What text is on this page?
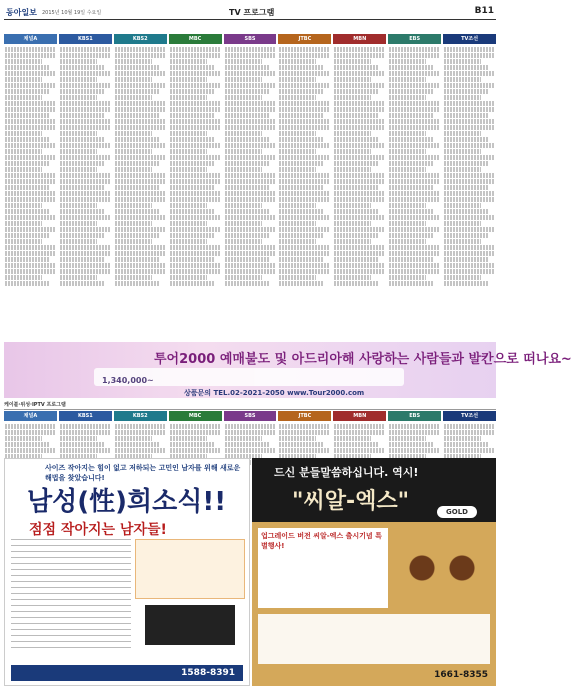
동아일보 2015년 10월 19일 수요일	TV 프로그램	B11
채널A	KBS1	KBS2	MBC	SBS	JTBC	MBN	EBS	TV조선
투어2000 예매불도 및 아드리아해 사랑하는 사람들과 발칸으로 떠나요~
1,340,000~
상품문의 TEL.02-2021-2050 www.Tour2000.com
케이블·위성·IPTV 프로그램
채널A	KBS1	KBS2	MBC	SBS	JTBC	MBN	EBS	TV조선
사이즈 작아지는 힘이 없고 저하되는 고민인 남자를 위해 새로운 해법을 찾았습니다!
남성(性)희소식!!
점점 작아지는 남자들!
1588-8391
드신 분들말씀하십니다. 역시!
"씨알-엑스"	GOLD
업그레이드 버전 씨알-엑스 출시기념 특별행사!
1661-8355
